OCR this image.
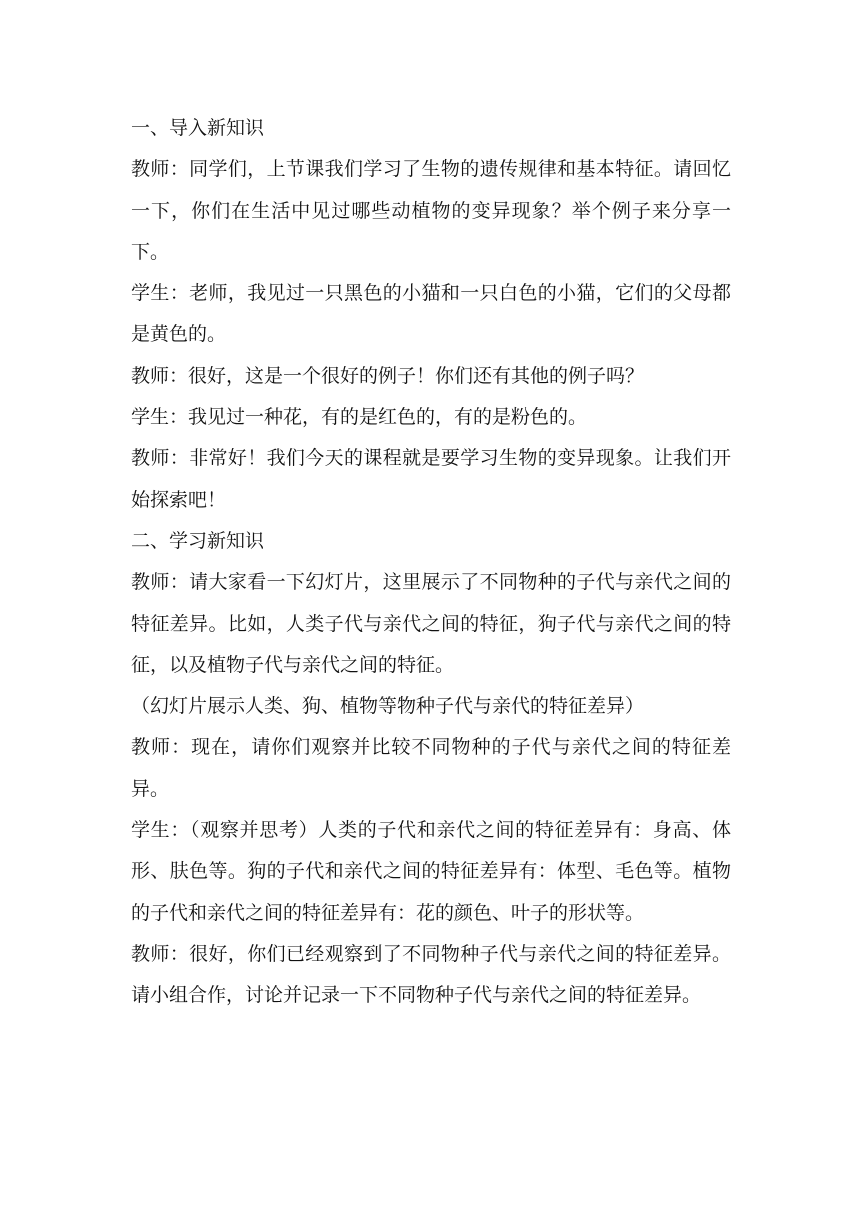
一、导入新知识

教师：同学们，上节课我们学习了生物的遗传规律和基本特征。请回忆一下，你们在生活中见过哪些动植物的变异现象？举个例子来分享一下。

学生：老师，我见过一只黑色的小猫和一只白色的小猫，它们的父母都是黄色的。

教师：很好，这是一个很好的例子！你们还有其他的例子吗？

学生：我见过一种花，有的是红色的，有的是粉色的。

教师：非常好！我们今天的课程就是要学习生物的变异现象。让我们开始探索吧！

二、学习新知识

教师：请大家看一下幻灯片，这里展示了不同物种的子代与亲代之间的特征差异。比如，人类子代与亲代之间的特征，狗子代与亲代之间的特征，以及植物子代与亲代之间的特征。

（幻灯片展示人类、狗、植物等物种子代与亲代的特征差异）

教师：现在，请你们观察并比较不同物种的子代与亲代之间的特征差异。

学生：（观察并思考）人类的子代和亲代之间的特征差异有：身高、体形、肤色等。狗的子代和亲代之间的特征差异有：体型、毛色等。植物的子代和亲代之间的特征差异有：花的颜色、叶子的形状等。

教师：很好，你们已经观察到了不同物种子代与亲代之间的特征差异。请小组合作，讨论并记录一下不同物种子代与亲代之间的特征差异。
